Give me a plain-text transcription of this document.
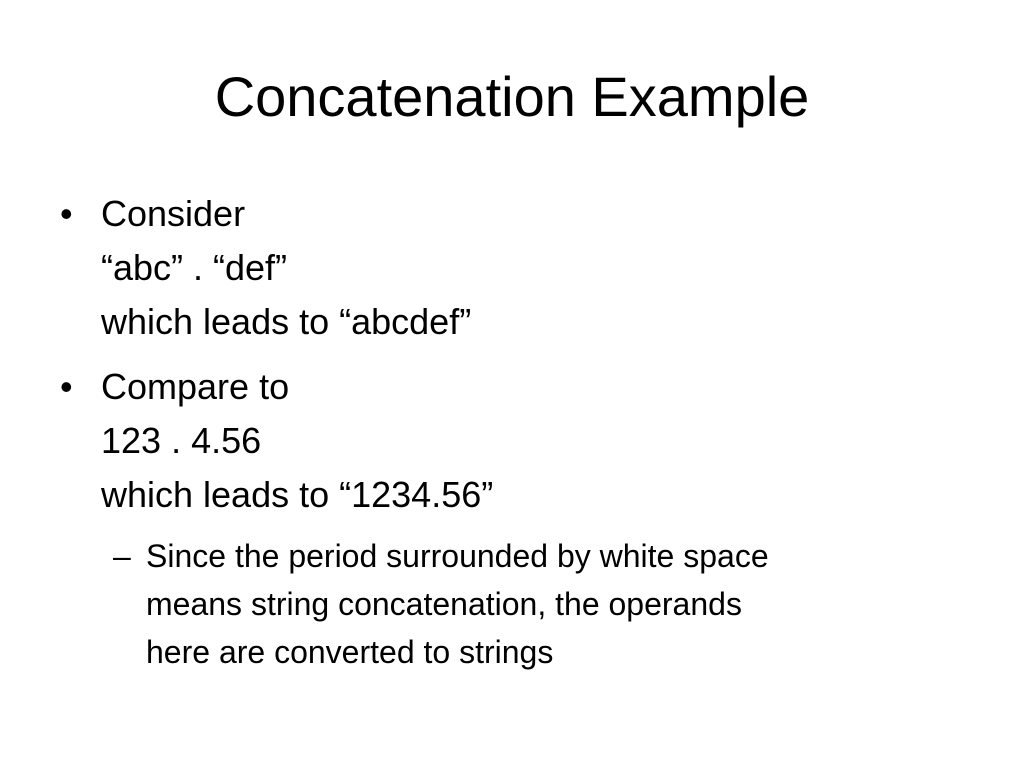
Concatenation Example
• Consider
“abc” . “def”
which leads to “abcdef”
• Compare to
123 . 4.56
which leads to “1234.56”
– Since the period surrounded by white space
means string concatenation, the operands
here are converted to strings
